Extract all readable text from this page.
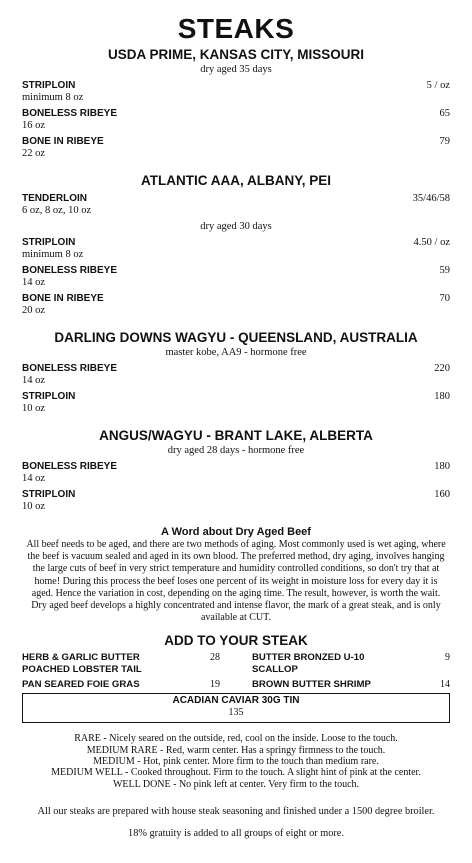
STEAKS
USDA PRIME, KANSAS CITY, MISSOURI
dry aged 35 days
STRIPLOIN	5 / oz
minimum 8 oz
BONELESS RIBEYE	65
16 oz
BONE IN RIBEYE	79
22 oz
ATLANTIC AAA, ALBANY, PEI
TENDERLOIN	35/46/58
6 oz, 8 oz, 10 oz
dry aged 30 days
STRIPLOIN	4.50 / oz
minimum 8 oz
BONELESS RIBEYE	59
14 oz
BONE IN RIBEYE	70
20 oz
DARLING DOWNS WAGYU - QUEENSLAND, AUSTRALIA
master kobe, AA9 - hormone free
BONELESS RIBEYE	220
14 oz
STRIPLOIN	180
10 oz
ANGUS/WAGYU - BRANT LAKE, ALBERTA
dry aged 28 days - hormone free
BONELESS RIBEYE	180
14 oz
STRIPLOIN	160
10 oz
A Word about Dry Aged Beef
All beef needs to be aged, and there are two methods of aging. Most commonly used is wet aging, where the beef is vacuum sealed and aged in its own blood. The preferred method, dry aging, involves hanging the large cuts of beef in very strict temperature and humidity controlled conditions, so don't try that at home! During this process the beef loses one percent of its weight in moisture loss for every day it is aged. Hence the variation in cost, depending on the aging time. The result, however, is worth the wait. Dry aged beef develops a highly concentrated and intense flavor, the mark of a great steak, and is only available at CUT.
ADD TO YOUR STEAK
HERB & GARLIC BUTTER	28
POACHED LOBSTER TAIL
PAN SEARED FOIE GRAS	19
BUTTER BRONZED U-10	9
SCALLOP
BROWN BUTTER SHRIMP	14
ACADIAN CAVIAR 30G TIN
135
RARE - Nicely seared on the outside, red, cool on the inside. Loose to the touch.
MEDIUM RARE - Red, warm center. Has a springy firmness to the touch.
MEDIUM - Hot, pink center. More firm to the touch than medium rare.
MEDIUM WELL - Cooked throughout. Firm to the touch. A slight hint of pink at the center.
WELL DONE - No pink left at center. Very firm to the touch.
All our steaks are prepared with house steak seasoning and finished under a 1500 degree broiler.
18% gratuity is added to all groups of eight or more.
